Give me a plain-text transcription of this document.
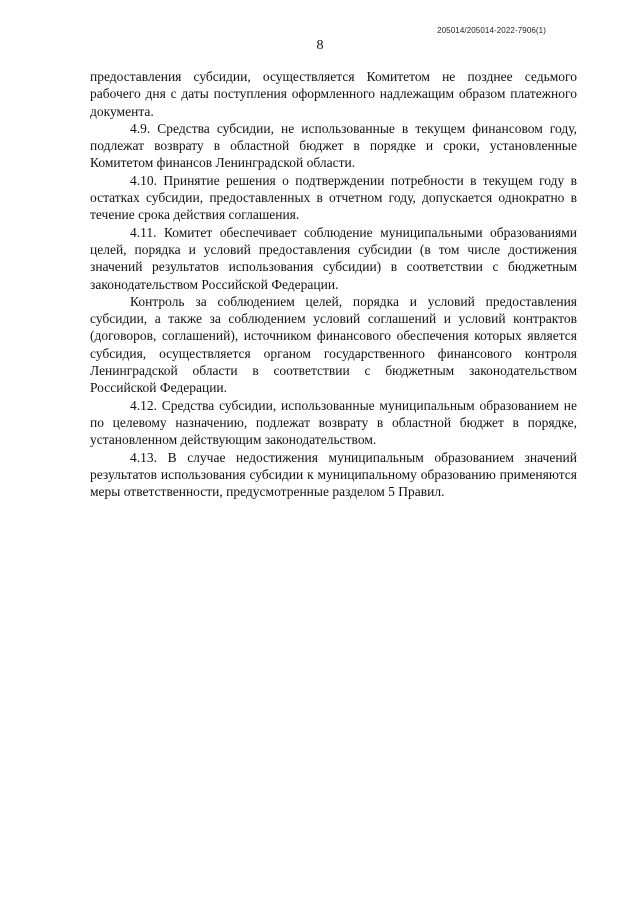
205014/205014-2022-7906(1)
8

предоставления субсидии, осуществляется Комитетом не позднее седьмого рабочего дня с даты поступления оформленного надлежащим образом платежного документа.

4.9. Средства субсидии, не использованные в текущем финансовом году, подлежат возврату в областной бюджет в порядке и сроки, установленные Комитетом финансов Ленинградской области.

4.10. Принятие решения о подтверждении потребности в текущем году в остатках субсидии, предоставленных в отчетном году, допускается однократно в течение срока действия соглашения.

4.11. Комитет обеспечивает соблюдение муниципальными образованиями целей, порядка и условий предоставления субсидии (в том числе достижения значений результатов использования субсидии) в соответствии с бюджетным законодательством Российской Федерации.

Контроль за соблюдением целей, порядка и условий предоставления субсидии, а также за соблюдением условий соглашений и условий контрактов (договоров, соглашений), источником финансового обеспечения которых является субсидия, осуществляется органом государственного финансового контроля Ленинградской области в соответствии с бюджетным законодательством Российской Федерации.

4.12. Средства субсидии, использованные муниципальным образованием не по целевому назначению, подлежат возврату в областной бюджет в порядке, установленном действующим законодательством.

4.13. В случае недостижения муниципальным образованием значений результатов использования субсидии к муниципальному образованию применяются меры ответственности, предусмотренные разделом 5 Правил.
